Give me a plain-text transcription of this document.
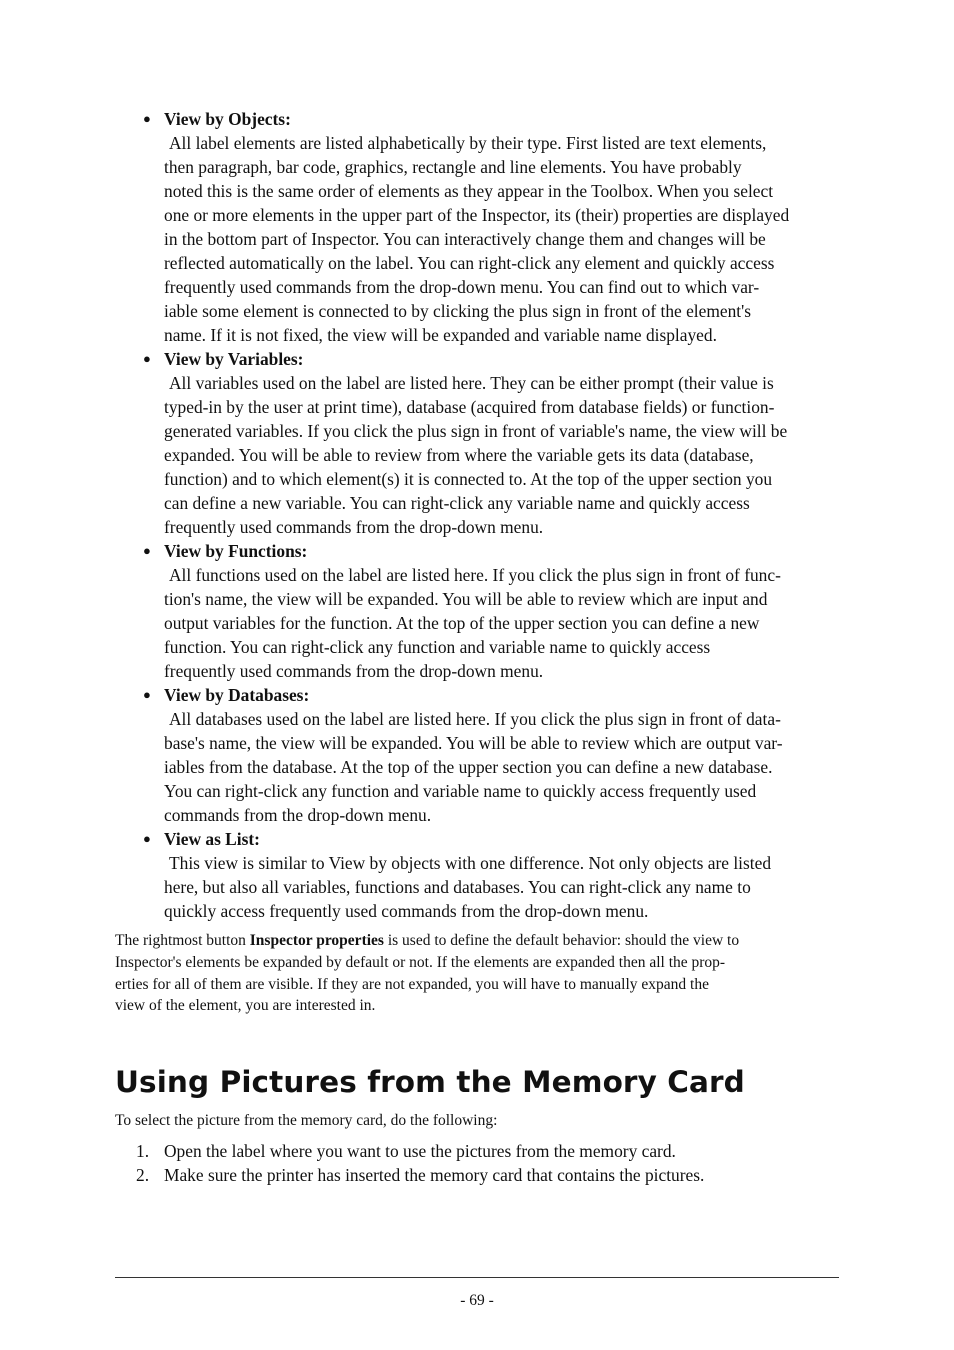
● View by Objects:
All label elements are listed alphabetically by their type. First listed are text elements,
then paragraph, bar code, graphics, rectangle and line elements. You have probably
noted this is the same order of elements as they appear in the Toolbox. When you select
one or more elements in the upper part of the Inspector, its (their) properties are displayed
in the bottom part of Inspector. You can interactively change them and changes will be
reflected automatically on the label. You can right-click any element and quickly access
frequently used commands from the drop-down menu. You can find out to which var-
iable some element is connected to by clicking the plus sign in front of the element's
name. If it is not fixed, the view will be expanded and variable name displayed.
● View by Variables:
All variables used on the label are listed here. They can be either prompt (their value is
typed-in by the user at print time), database (acquired from database fields) or function-
generated variables. If you click the plus sign in front of variable's name, the view will be
expanded. You will be able to review from where the variable gets its data (database,
function) and to which element(s) it is connected to. At the top of the upper section you
can define a new variable. You can right-click any variable name and quickly access
frequently used commands from the drop-down menu.
● View by Functions:
All functions used on the label are listed here. If you click the plus sign in front of func-
tion's name, the view will be expanded. You will be able to review which are input and
output variables for the function. At the top of the upper section you can define a new
function. You can right-click any function and variable name to quickly access
frequently used commands from the drop-down menu.
● View by Databases:
All databases used on the label are listed here. If you click the plus sign in front of data-
base's name, the view will be expanded. You will be able to review which are output var-
iables from the database. At the top of the upper section you can define a new database.
You can right-click any function and variable name to quickly access frequently used
commands from the drop-down menu.
● View as List:
This view is similar to View by objects with one difference. Not only objects are listed
here, but also all variables, functions and databases. You can right-click any name to
quickly access frequently used commands from the drop-down menu.

The rightmost button Inspector properties is used to define the default behavior: should the view to
Inspector's elements be expanded by default or not. If the elements are expanded then all the prop-
erties for all of them are visible. If they are not expanded, you will have to manually expand the
view of the element, you are interested in.

Using Pictures from the Memory Card

To select the picture from the memory card, do the following:

1. Open the label where you want to use the pictures from the memory card.
2. Make sure the printer has inserted the memory card that contains the pictures.
- 69 -
